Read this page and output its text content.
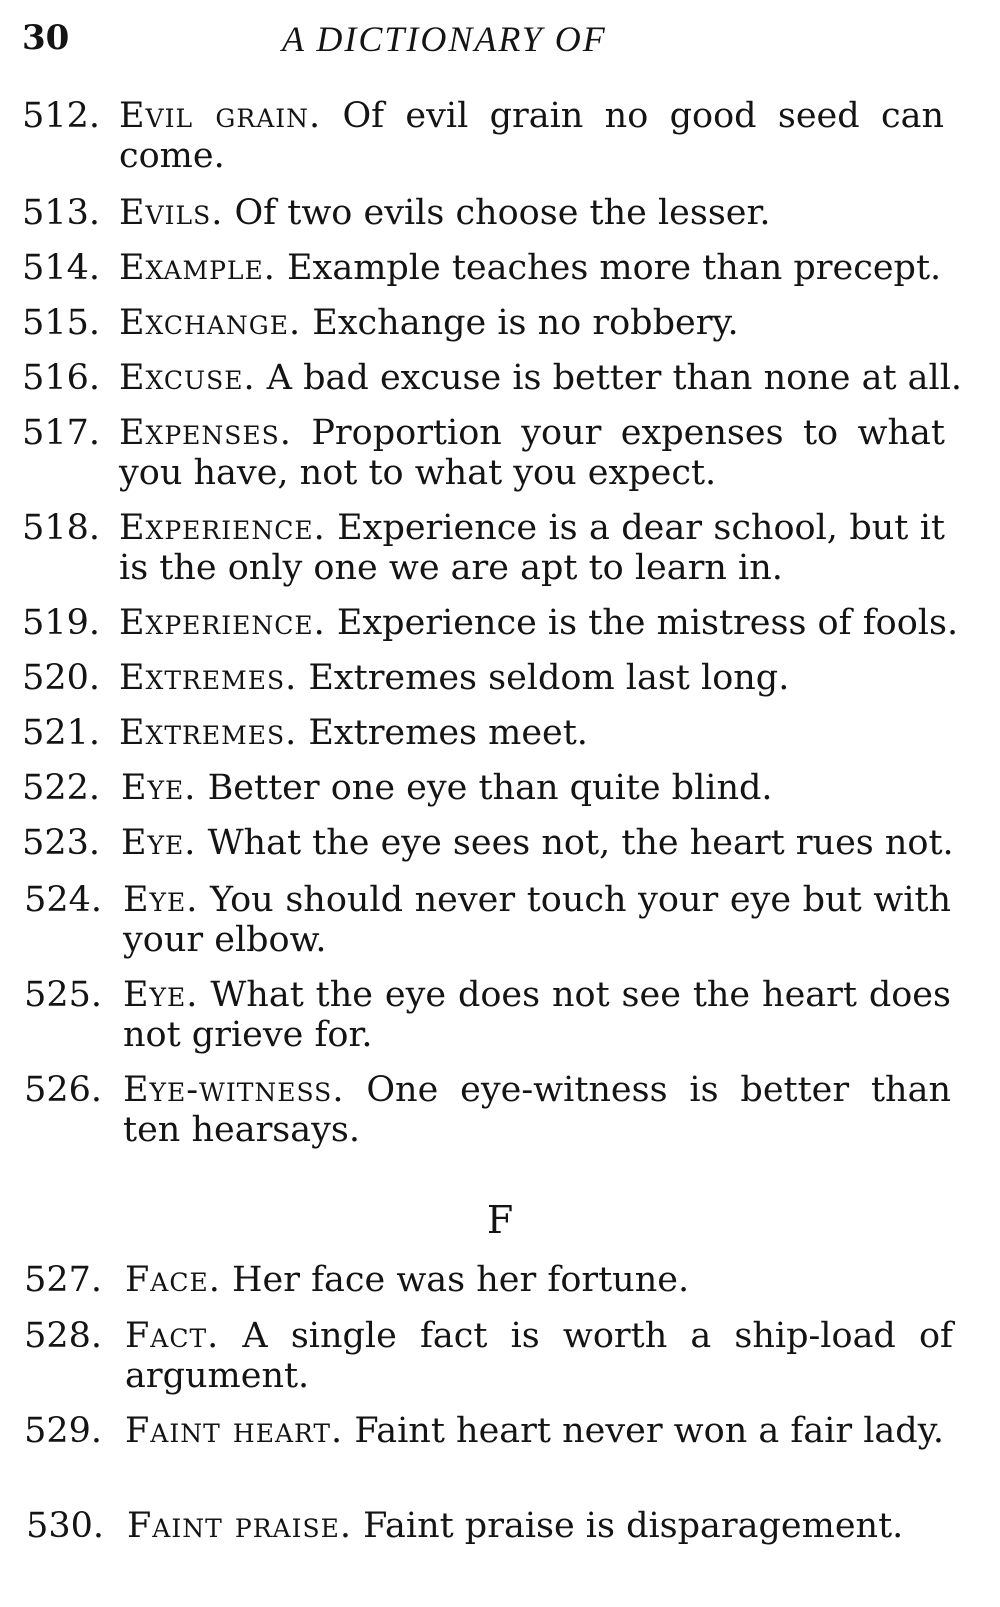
30	A DICTIONARY OF
512. Evil grain. Of evil grain no good seed can come.
513. Evils. Of two evils choose the lesser.
514. Example. Example teaches more than precept.
515. Exchange. Exchange is no robbery.
516. Excuse. A bad excuse is better than none at all.
517. Expenses. Proportion your expenses to what you have, not to what you expect.
518. Experience. Experience is a dear school, but it is the only one we are apt to learn in.
519. Experience. Experience is the mistress of fools.
520. Extremes. Extremes seldom last long.
521. Extremes. Extremes meet.
522. Eye. Better one eye than quite blind.
523. Eye. What the eye sees not, the heart rues not.
524. Eye. You should never touch your eye but with your elbow.
525. Eye. What the eye does not see the heart does not grieve for.
526. Eye-witness. One eye-witness is better than ten hearsays.
F
527. Face. Her face was her fortune.
528. Fact. A single fact is worth a ship-load of argument.
529. Faint heart. Faint heart never won a fair lady.
530. Faint praise. Faint praise is disparagement.
